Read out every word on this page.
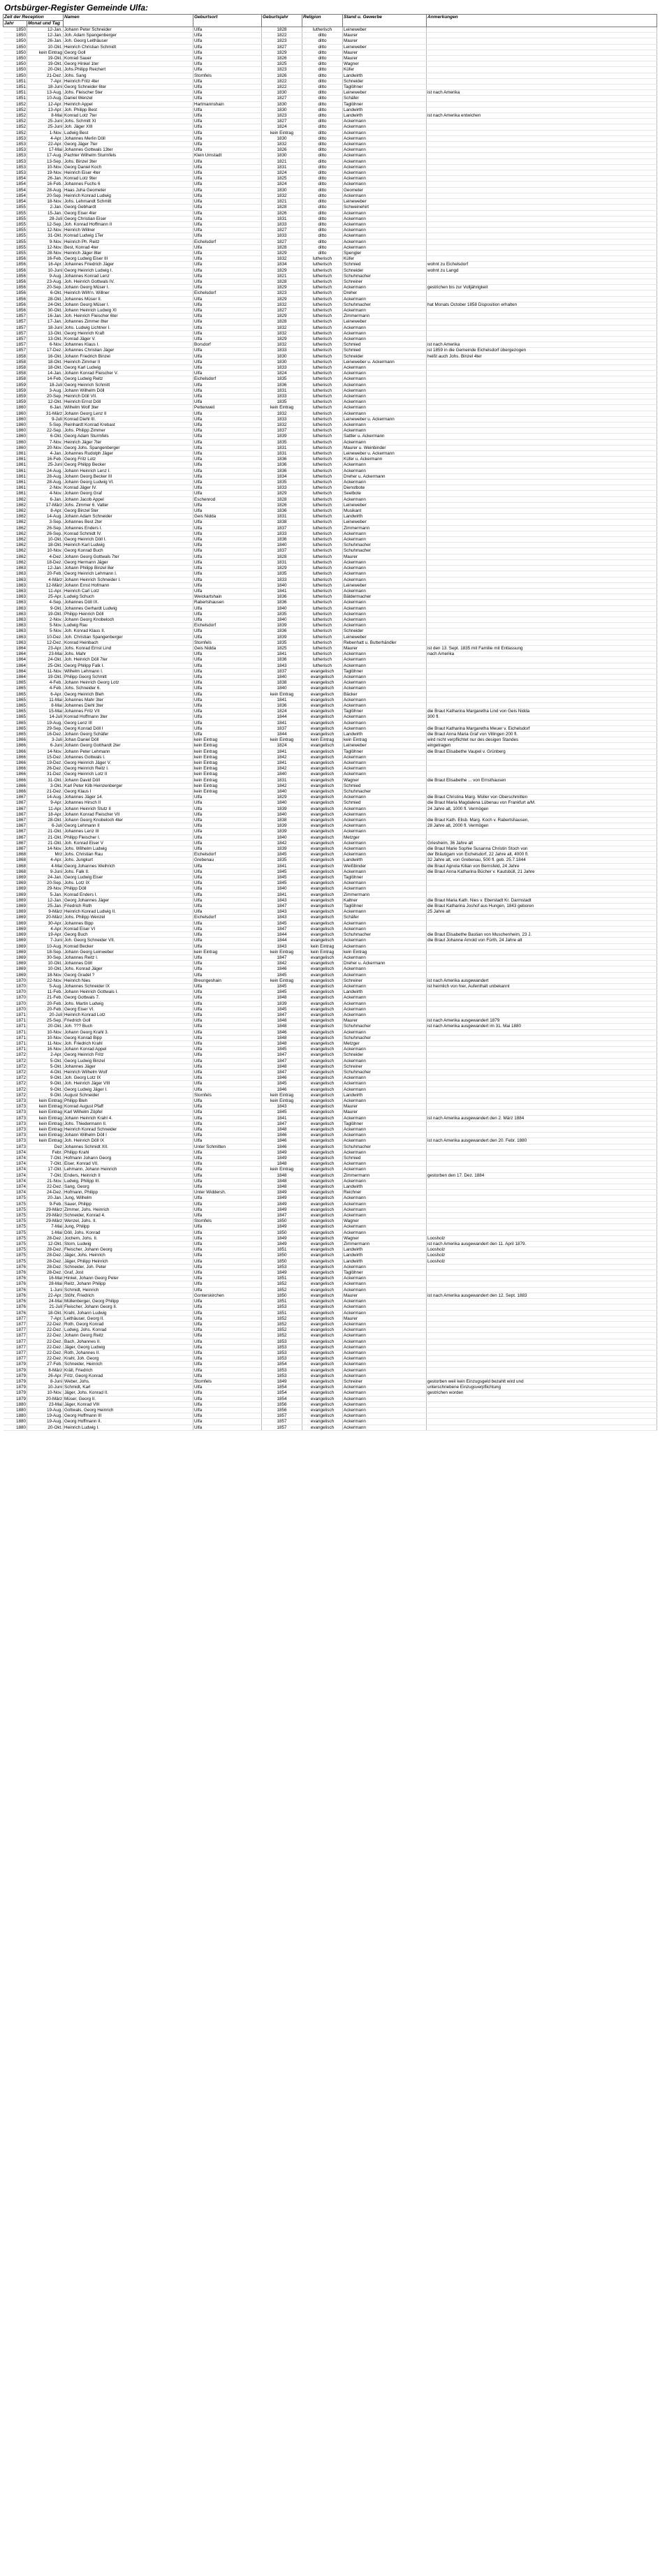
Ortsbürger-Register Gemeinde Ulfa:
Zeit der Reception		Namen	Geburtsort	Geburtsjahr	Religion	Stand u. Gewerbe	Anmerkungen
Jahr	Monat und Tag						
1850	12-Jan.	Johann Peter Schneider	Ulfa	1828	lutherisch	Leineweber	
1850	12-Jan.	Joh. Adam Spangenberger	Ulfa	1822	ditto	Maurer	
1850	26-Jan.	Joh. Georg Leithäuser	Ulfa	1823	ditto	Maurer	
1850	10-Okt.	Heinrich Christian Schmidt	Ulfa	1827	ditto	Leineweber	
1850	kein Eintrag	Georg Goll	Ulfa	1829	ditto	Maurer	
1850	19-Okt.	Konrad Sauer	Ulfa	1826	ditto	Maurer	
1850	19-Okt.	Georg Hinkel 1ter	Ulfa	1825	ditto	Wagner	
1850	20-Okt.	Johs.Philipp Reichert	Ulfa	1823	ditto	Küfer	
1850	21-Dez.	Johs. Sang	Stornfels	1826	ditto	Landwirth	
1851	7-Apr.	Heinrich Fritz 4ter	Ulfa	1822	ditto	Schneider	
1851	18-Juni	Georg Schneider 6ter	Ulfa	1822	ditto	Taglöhner	
1851	13-Aug.	Johs. Fleischer 5ter	Ulfa	1830	ditto	Leineweber	ist nach Amerika
1851	10-Aug.	Daniel Wenzel	Ulfa	1827	ditto	Schäfer	
1852	12-Apr.	Heinrich Appel	Hartmannshain	1830	ditto	Taglöhner	
1852	13-Apr.	Joh. Philipp Best	Ulfa	1830	ditto	Landwirth	
1852	8-Mai	Konrad Lotz 7ter	Ulfa	1823	ditto	Landwirth	ist nach Amerika entwichen
1852	25-Juni	Johs. Schmitt XI	Ulfa	1827	ditto	Ackermann	
1852	25-Juni	Joh. Jäger XIII	Ulfa	1824	ditto	Ackermann	
1852	1-Nov.	Ludwig Best	Ulfa	kein Eintrag	ditto	Ackermann	
1853	4-Apr.	Johannes Merlin Döll	Ulfa	1830	ditto	Ackermann	
1853	22-Apr.	Georg Jäger 7ter	Ulfa	1832	ditto	Ackermann	
1853	17-Mai	Johannes Gottwals 13ter	Ulfa	1826	ditto	Ackermann	
1853	17-Aug.	Pachter Wilhelm Sturmfels	Klein Umstadt	1830	ditto	Ackermann	
1853	13-Sep.	Johs. Binzel 3ter	Ulfa	1821	ditto	Ackermann	
1853	10-Nov.	Georg Daniel Koch	Ulfa	1831	ditto	Ackermann	
1853	19-Nov.	Heinrich Eiser 4ter	Ulfa	1824	ditto	Ackermann	
1854	26-Jan.	Konrad Lotz 9ter	Ulfa	1825	ditto	Ackermann	
1854	16-Feb.	Johannes Fuchs 6	Ulfa	1824	ditto	Ackermann	
1854	28-Aug.	Haas Juha Geometer	Ulfa	1830	ditto	Geometer	
1854	20-Sep.	Heinrich Konrad Ludwig	Ulfa	1832	ditto	Ackermann	
1854	18-Nov.	Johs. Lehmandt Schmitt	Ulfa	1821	ditto	Leineweber	
1855	2-Jan.	Georg Gebhardt	Ulfa	1828	ditto	Schweinehirt	
1855	15-Jan.	Georg Eiser 4ter	Ulfa	1826	ditto	Ackermann	
1855	28-Juli	Georg Christian Eiser	Ulfa	1831	ditto	Ackermann	
1855	12-Sep.	Joh. Konrad Hoffmann II	Ulfa	1833	ditto	Ackermann	
1855	12-Nov.	Heinrich Willner	Ulfa	1827	ditto	Ackermann	
1855	31-Okt.	Konrad Ludwig 1Ter	Ulfa	1833	ditto	Ackermann	
1855	9-Nov.	Heinrich Ph. Reitz	Eichelsdorf	1827	ditto	Ackermann	
1855	12-Nov.	Best, Konrad 4ter	Ulfa	1828	ditto	Ackermann	
1855	28-Nov.	Heinrich Jäger 8ter	Ulfa	1829	ditto	Spengler	
1856	16-Feb.	Georg Ludwig Eiser III	Ulfa	1832	lutherisch	Küfer	
1856	16-Apr.	Johannes Friedrich Jäger	Ulfa	1834	lutherisch	Schmied	wohnt zu Eichelsdorf
1856	10-Juni	Georg Heinrich Ludwig I.	Ulfa	1829	lutherisch	Schneider	wohnt zu Langd
1856	9-Aug.	Johannes Konrad Lenz	Ulfa	1821	lutherisch	Schuhmacher	
1856	23-Aug.	Joh. Heinrich Gottwals IV.	Ulfa	1828	lutherisch	Schreiner	
1856	20-Sep.	Johann Georg Müser I.	Ulfa	1829	lutherisch	Ackermann	gestrichen bis zur Volljährigkeit
1856	6-Okt.	Heinrich Wilh'n. Willner	Eichelsdorf	1823	lutherisch	Dreher	
1856	28-Okt.	Johannes Müser II.	Ulfa	1829	lutherisch	Ackermann	
1856	24-Okt.	Johann Georg Müser I.	Ulfa	1832	lutherisch	Schuhmacher	hat Monats October 1858 Disposition erhalten
1856	30-Okt.	Johann Heinrich Ludwig XI	Ulfa	1827	lutherisch	Ackermann	
1857	16-Jan.	Joh. Heinrich Fleischer 6ter	Ulfa	1829	lutherisch	Zimmermann	
1857	17-Jan.	Johannes Zimmer 8ter	Ulfa	1828	lutherisch	Leineweber	
1857	18-Juni	Johs. Ludwig Lichtner I.	Ulfa	1832	lutherisch	Ackermann	
1857	13-Okt.	Georg Heinrich Kraft	Ulfa	1832	lutherisch	Ackermann	
1857	13-Okt.	Konrad Jäger V.	Ulfa	1829	lutherisch	Ackermann	
1857	6-Nov.	Johannes Klaus I.	Borsdorf	1832	lutherisch	Schmied	ist nach Amerika
1857	17-Dez.	Johannes Christian Jäger	Ulfa	1833	lutherisch	Schmied	ist 1859 in die Gemeinde Eichelsdorf übergezogen
1858	16-Okt.	Johann Friedrich Binzel	Ulfa	1830	lutherisch	Schneider	heißt auch Johs. Binzel 4ter
1858	18-Okt.	Heinrich Zimmer II	Ulfa	1830	lutherisch	Leineweber u. Ackermann	
1858	18-Okt.	Georg Karl Ludwig	Ulfa	1833	lutherisch	Ackermann	
1858	14-Jan.	Johann Konrad Fleischer V.	Ulfa	1824	lutherisch	Ackermann	
1858	14-Feb.	Georg Ludwig Reitz	Eichelsdorf	1835	lutherisch	Ackermann	
1859	18-Juli	Georg Heinrich Schmitt	Ulfa	1836	lutherisch	Ackermann	
1859	3-Aug.	Johann Wilhelm Döll	Ulfa	1831	lutherisch	Ackermann	
1859	20-Sep.	Heinrich Döll VII.	Ulfa	1833	lutherisch	Ackermann	
1859	12-Okt.	Heinrich Ernst Döll	Ulfa	1835	lutherisch	Ackermann	
1860	6-Jan.	Wilhelm Wolf 3ter	Pettenweil	kein Eintrag	lutherisch	Ackermann	
1860	31-März	Johann Georg Lenz II	Ulfa	1832	lutherisch	Ackermann	
1860	9-Juli	Konrad Diehl III.	Ulfa	1833	lutherisch	Leineweber u. Ackermann	
1860	5-Sep.	Reinhardt Konrad Krebast	Ulfa	1832	lutherisch	Ackermann	
1860	22-Sep.	Johs. Philipp Zimmer	Ulfa	1837	lutherisch	Ackermann	
1860	6-Okt.	Georg Adam Sturmfels	Ulfa	1839	lutherisch	Sattler u. Ackermann	
1860	7-Nov.	Heinrich Jäger 7ter	Ulfa	1835	lutherisch	Ackermann	
1860	20-Nov.	Georg Johs. Spangenberger	Ulfa	1831	lutherisch	Maurer u. Weinbinder	
1861	4-Jan.	Johannes Rudolph Jäger	Ulfa	1831	lutherisch	Leineweber u. Ackermann	
1861	16-Feb.	Georg Fritz Lotz	Ulfa	1836	lutherisch	Küfer u. Ackermann	
1861	25-Juni	Georg Philipp Becker	Ulfa	1836	lutherisch	Ackermann	
1861	24-Aug.	Johann Heinrich Lenz I.	Ulfa	1836	lutherisch	Ackermann	
1861	28-Aug.	Johann Georg Becker III	Ulfa	1834	lutherisch	Dreher u. Ackermann	
1861	28-Aug.	Johann Georg Ludwig VI.	Ulfa	1835	lutherisch	Ackermann	
1861	2-Nov.	Konrad Jäger IV.	Ulfa	1833	lutherisch	Dienstbote	
1861	4-Nov.	Johann Georg Graf	Ulfa	1829	lutherisch	Seelbote	
1862	6-Jan.	Johann Jacob Appel	Eschenrod	1828	lutherisch	Ackermann	
1862	17-März	Johs. Zimmer 6. Vatter	Ulfa	1826	lutherisch	Leineweber	
1862	8-Apr.	Georg Binzel 5ter	Ulfa	1836	lutherisch	Musikant	
1862	14-Aug.	Johann Adam Schneider	Geis Nidda	1831	lutherisch	Landwirth	
1862	3-Sep.	Johannes Best 2ter	Ulfa	1838	lutherisch	Leineweber	
1862	26-Sep.	Johannes Enders I.	Ulfa	1837	lutherisch	Zimmermann	
1862	26-Sep.	Konrad Schmidt IV.	Ulfa	1833	lutherisch	Ackermann	
1862	10-Okt.	Georg Heinrich Döll I.	Ulfa	1836	lutherisch	Ackermann	
1862	18-Okt.	Heinrich Karl Ludwig	Ulfa	1840	lutherisch	Schuhmacher	
1862	10-Nov.	Georg Konrad Buch	Ulfa	1837	lutherisch	Schuhmacher	
1862	4-Dez.	Johann Georg Gottwals 7ter	Ulfa	1828	lutherisch	Maurer	
1862	18-Dez.	Georg Hermann Jäger	Ulfa	1831	lutherisch	Ackermann	
1863	12-Jan.	Johann Philipp Binzel 8er	Ulfa	1829	lutherisch	Ackermann	
1863	20-Feb.	Georg Heinrich Lehmann I.	Ulfa	1835	lutherisch	Ackermann	
1863	4-März	Johann Heinrich Schneider I.	Ulfa	1833	lutherisch	Ackermann	
1863	12-März	Johann Ernst Hofmann	Ulfa	1840	lutherisch	Leineweber	
1863	11-Apr.	Heinrich Carl Lotz	Ulfa	1841	lutherisch	Ackermann	
1863	25-Apr.	Ludwig Schuch	Weickartshain	1836	lutherisch	Bäldermacher	
1863	4-Sep.	Johannes Döll IX.	Rabertshausen	1836	lutherisch	Ackermann	
1863	9-Okt.	Johannes Gerhardt Ludwig	Ulfa	1840	lutherisch	Ackermann	
1863	19-Okt.	Philipp Heinrich Döll	Ulfa	1835	lutherisch	Ackermann	
1863	2-Nov.	Johann Georg Knobeloch	Ulfa	1840	lutherisch	Ackermann	
1863	5-Nov.	Ludwig Rau	Eichelsdorf	1839	lutherisch	Ackermann	
1863	5-Nov.	Joh. Konrad Klaus II.	Ulfa	1836	lutherisch	Schneider	
1863	10-Dez.	Joh. Christian Spangenberger	Ulfa	1839	lutherisch	Leineweber	
1863	12-Dez.	Konrad Heinbach	Stornfels	1835	lutherisch	Rebenhatt u. Butterhändler	
1864	23-Apr.	Johs. Konrad Ernst Lind	Geis Nidda	1825	lutherisch	Maurer	ist den 13. Sept. 1835 mit Familie mit Entlassung
1864	23-Mai	Johs. Mahr	Ulfa	1841	lutherisch	Ackermann	nach Amerika
1864	24-Okt.	Joh. Heinrich Döll 7ter	Ulfa	1836	lutherisch	Ackermann	
1864	25-Okt.	Georg Philipp Falk I.	Ulfa	1843	lutherisch	Ackermann	
1864	11-Nov.	Wilhelm Lehmann I.	Ulfa	1837	evangelisch	Taglöhner	
1864	19-Okt.	Philipp Georg Schmitt	Ulfa	1840	evangelisch	Ackermann	
1865	4-Feb.	Johann Heinrich Georg Lotz	Ulfa	1838	evangelisch	Ackermann	
1865	4-Feb.	Johs. Schneider 6.	Ulfa	1840	evangelisch	Ackermann	
1865	6-Apr.	Georg Heinrich Bleh	Ulfa	kein Eintrag	evangelisch	Bäcker	
1865	11-Mai	Johannes Mahr 3ter	Ulfa	1841	evangelisch	Ackermann	
1865	8-Mai	Johannes Diehl 3ter	Ulfa	1836	evangelisch	Ackermann	
1865	15-Mai	Johannes Fritz VII	Ulfa	1824	evangelisch	Taglöhner	die Braut Katharina Margaretha Lind von Geis Nidda
1865	14-Juli	Konrad Hoffmann 3ter	Ulfa	1844	evangelisch	Ackermann	300 fl.
1865	19-Aug.	Georg Lenz III	Ulfa	1841	evangelisch	Ackermann	
1865	29-Sep.	Georg Konrad Döll I	Ulfa	1837	evangelisch	Ackermann	die Braut Katharina Margaretha Meuer v. Eichelsdorf
1865	16-Dez.	Johann Georg Schäfer	Ulfa	1844	evangelisch	Landwirth	die Braut Anna Maria Graf von Villingen 200 fl.
1866	3-Juli	Johan Daniel Döll	kein Eintrag	kein Eintrag	kein Eintrag	kein Eintrag	wird nicht verpflichtet nur des desigen Standes
1866	6-Juni	Johann Georg Gotthardt 2ter	kein Eintrag	1824	evangelisch	Leineweber	eingetragen
1866	14-Nov.	Johann Peter Lehmann	kein Eintrag	1841	evangelisch	Taglöhner	die Braut Elisabethe Vaupel v. Grünberg
1866	15-Dez.	Johannes Gottwals I.	kein Eintrag	1842	evangelisch	Ackermann	
1866	19-Dez.	Georg Heinrich Jäger V.	kein Eintrag	1841	evangelisch	Ackermann	
1866	26-Dez.	Georg Heinrich Reitz I.	kein Eintrag	1842	evangelisch	Ackermann	
1866	31-Dez.	Georg Heinrich Lotz II	kein Eintrag	1840	evangelisch	Ackermann	
1866	31-Okt.	Johann David Döll	kein Eintrag	1831	evangelisch	Wagner	die Braut Elisabethe ... von Ernsthausen
1866	3-Okt.	Karl Peter Kilb Heinzenberger	kein Eintrag	1842	evangelisch	Schmied	
1866	21-Dez.	Georg Klaus I	kein Eintrag	1840	evangelisch	Schuhmacher	
1867	14-Aug.	Johannes Jäger 14.	Ulfa	1829	evangelisch	Ackermann	die Braut Christina Marg. Müller von Oberschmitten
1867	9-Apr.	Johannes Hirsch II	Ulfa	1840	evangelisch	Schmied	die Braut Maria Magdalena Lübenau von Frankfurt a/M.
1867	11-Apr.	Johann Heinrich Stutz II	Ulfa	1839	evangelisch	Ackermann	24 Jahre alt, 1000 fl. Vermögen
1867	18-Apr.	Johann Konrad Fleischer VII	Ulfa	1840	evangelisch	Ackermann	
1867	28-Okt.	Johann Georg Knobeloch 4ter	Ulfa	1838	evangelisch	Ackermann	die Braut Kath. Elisb. Marg. Koch v. Rabertshausen,
1867	6-Juli	Georg Lehmann II	Ulfa	1839	evangelisch	Ackermann	28 Jahre alt, 2000 fl. Vermögen
1867	21-Okt.	Johannes Lenz III	Ulfa	1839	evangelisch	Ackermann	
1867	21-Okt.	Philipp Fleischer I.	Ulfa	1840	evangelisch	Metzger	
1867	21-Okt.	Joh. Konrad Eiser V	Ulfa	1842	evangelisch	Ackermann	Griesheim, 36 Jahre alt
1867	14-Nov.	Johs. Wilhelm Ludwig	Ulfa	1839	evangelisch	Ackermann	die Braut Marie Sophie Susanna Christin Stoch von
1868	Mrz	Johs. Christian Rau	Eichelsdorf	1845	evangelisch	Ackermann	der Bräutigam von Eichelsdorf, 22 Jahre alt, 4000 fl.
1868	4-Apr.	Johs. Jungkurt	Grebenau	1835	evangelisch	Landwirth	32 Jahre alt, von Grebenau, 500 fl. geb. 25.7.1844
1868	4-Mai	Georg Johannes Weihrich	Ulfa	1841	evangelisch	Weißbinder	die Braut Agnola Kilian von Bernsfeld, 24 Jahre
1868	9-Juni	Johs. Falk II.	Ulfa	1845	evangelisch	Ackermann	die Braut Anna Katharina Bücher v. Kautsbüll, 21 Jahre
1869	24-Jan.	Georg Ludwig Eiser	Ulfa	1845	evangelisch	Taglöhner	
1869	20-Sep.	Johs. Lotz IX	Ulfa	1845	evangelisch	Ackermann	
1869	29-Nov.	Philipp Döll	Ulfa	1840	evangelisch	Ackermann	
1869	5-Jan.	Konrad Enders I.	Ulfa	1841	evangelisch	Zimmermann	
1869	12-Jan.	Georg Johannes Jäger	Ulfa	1843	evangelisch	Kaltner	die Braut Maria Kath. Nies v. Eberstadt Kr. Darmstadt
1869	25-Jan.	Friedrich Roth	Ulfa	1847	evangelisch	Taglöhner	die Braut Katharina Joshof aus Hungen, 1843 geboren
1869	9-März	Heinrich Konrad Ludwig II.	Ulfa	1843	evangelisch	Ackermann	25 Jahre alt
1869	20-März	Johs. Philipp Wenzel	Eichelsdorf	1843	evangelisch	Schäfer	
1869	30-Apr.	Johannes Bipp	Ulfa	1845	evangelisch	Ackermann	
1869	4-Apr.	Konrad Eiser VI	Ulfa	1847	evangelisch	Ackermann	
1869	19-Apr.	Georg Buch	Ulfa	1844	evangelisch	Schuhmacher	die Braut Elisabethe Bastian von Muschenheim, 23 J.
1869	7-Juni	Joh. Georg Schneider VII.	Ulfa	1844	evangelisch	Ackermann	die Braut Johanne Arnold von Fürth, 24 Jahre alt
1869	10-Aug.	Konrad Becker	Ulfa	1843	kein Eintrag	Ackermann	
1869	18-Sep.	Johann Georg Leinweber	kein Eintrag	kein Eintrag	kein Eintrag	kein Eintrag	
1869	30-Sep.	Johannes Reitz I.	Ulfa	1847	evangelisch	Ackermann	
1869	10-Okt.	Johannes Döll	Ulfa	1842	evangelisch	Dreher u. Ackermann	
1869	10-Okt.	Johs. Konrad Jäger	Ulfa	1846	evangelisch	Ackermann	
1869	18-Nov.	Georg Gradel ?	Ulfa	1845	evangelisch	Ackermann	
1870	22-Nov.	Heinrich Nies	Breungeshain	kein Eintrag	evangelisch	Schreiner	ist nach Amerika ausgewandert
1870	5-Aug.	Johannes Schneider IX	Ulfa	1845	evangelisch	Ackermann	ist heimlich von hier, Aufenthalt unbekannt
1870	11-Feb.	Johann Heinrich Gottwals I.	Ulfa	1845	evangelisch	Landwirth	
1870	21-Feb.	Georg Gottwals 7.	Ulfa	1848	evangelisch	Ackermann	
1870	20-Feb.	Johs. Martin Ludwig	Ulfa	1839	evangelisch	Ackermann	
1870	20-Feb.	Georg Eiser VI.	Ulfa	1845	evangelisch	Ackermann	
1871	20-Juli	Heinrich Konrad Lotz	Ulfa	1847	evangelisch	Ackermann	
1871	25-Sep.	Friedrich Goll	Ulfa	1848	evangelisch	Maurer	ist nach Amerika ausgewandert 1879
1871	20-Okt.	Joh. ??? Buch	Ulfa	1848	evangelisch	Schuhmacher	ist nach Amerika ausgewandert im 31. Mai 1880
1871	10-Nov.	Johann Georg Krahl 3.	Ulfa	1846	evangelisch	Ackermann	
1871	10-Nov.	Georg Konrad Bipp	Ulfa	1848	evangelisch	Schuhmacher	
1871	11-Nov.	Joh. Friedrich Krahl	Ulfa	1848	evangelisch	Metzger	
1871	16-Nov.	Johann Konrad Appel	Ulfa	1845	evangelisch	Ackermann	
1872	2-Apr.	Georg Heinrich Fritz	Ulfa	1847	evangelisch	Schneider	
1872	5-Okt.	Georg Ludwig Binzel	Ulfa	1847	evangelisch	Ackermann	
1872	5-Okt.	Johannes Jäger	Ulfa	1848	evangelisch	Schreiner	
1872	4-Okt.	Heinrich Wilhelm Wolf	Ulfa	1847	evangelisch	Schuhmacher	
1872	9-Okt.	Joh. Georg Lotz IX	Ulfa	1846	evangelisch	Ackermann	
1872	9-Okt.	Joh. Heinrich Jäger VIII	Ulfa	1845	evangelisch	Ackermann	
1872	9-Okt.	Georg Ludwig Jäger I.	Ulfa	1846	evangelisch	Ackermann	
1872	9-Okt.	August Schneider	Stornfels	kein Eintrag	evangelisch	Landwirth	
1873	kein Eintrag	Philipp Bleh	Ulfa	kein Eintrag	evangelisch	Ackermann	
1873	kein Eintrag	Konrad August Pfaff	Ulfa	1843	evangelisch	Maurer	
1873	kein Eintrag	Karl Wilhelm Zöpfel	Ulfa	1845	evangelisch	Maurer	
1873	kein Eintrag	Johann Heinrich Krahl 4.	Ulfa	1841	evangelisch	Ackermann	ist nach Amerika ausgewandert den 2. März 1884
1873	kein Eintrag	Johs. Thiedermann II.	Ulfa	1847	evangelisch	Taglöhner	
1873	kein Eintrag	Heinrich Konrad Schneider	Ulfa	1848	evangelisch	Ackermann	
1873	kein Eintrag	Johann Wilhelm Döll I	Ulfa	1846	evangelisch	Ackermann	
1873	kein Eintrag	Joh. Heinrich Döll IX	Ulfa	1846	evangelisch	Ackermann	ist nach Amerika ausgewandert den 20. Febr. 1880
1873	Dez	Johannes Schmidt XII.	Unter Schmitten	1846	evangelisch	Schuhmacher	
1874	Febr.	Philipp Krahl	Ulfa	1849	evangelisch	Ackermann	
1874	7-Okt.	Hofmann Johann Georg	Ulfa	1849	evangelisch	Schmied	
1874	7-Okt.	Eiser, Konrad VII.	Ulfa	1848	evangelisch	Ackermann	
1874	17-Okt.	Lehmann, Johann Heinrich	Ulfa	kein Eintrag	evangelisch	Ackermann	
1874	7-Okt.	Enders, Heinrich II	Ulfa	1848	evangelisch	Zimmermann	gestorben den 17. Dez. 1884
1874	21-Nov.	Ludwig, Philipp III.	Ulfa	1848	evangelisch	Ackermann	
1874	22-Dez.	Sang, Georg	Ulfa	1848	evangelisch	Landwirth	
1874	24-Dez.	Hofmann, Philipp	Unter Widdersh.	1849	evangelisch	Reichner	
1875	20-Jan.	Jung, Wilhelm	Ulfa	1849	evangelisch	Ackermann	
1875	9-Feb.	Sauer, Philipp	Ulfa	1849	evangelisch	Ackermann	
1875	29-März	Zimmer, Johs. Heinrich	Ulfa	1849	evangelisch	Ackermann	
1875	29-März	Schneider, Konrad 4.	Ulfa	1847	evangelisch	Ackermann	
1875	29-März	Wenzel, Johs. II.	Stornfels	1850	evangelisch	Wagner	
1875	7-Mai	Jung, Philipp	Ulfa	1849	evangelisch	Ackermann	
1875	1-Mai	Döll, Johs. Konrad	Ulfa	1850	evangelisch	Ackermann	
1875	28-Dez.	Jochem, Johs. II.	Ulfa	1849	evangelisch	Wagner	Loosholz
1875	12-Okt.	Storn, Ludwig	Ulfa	1849	evangelisch	Zimmermann	ist nach Amerika ausgewandert den 11. April 1879.
1875	28-Dez.	Fleischer, Johann Georg	Ulfa	1851	evangelisch	Landwirth	Loosholz
1875	28-Dez.	Jäger, Johs. Heinrich	Ulfa	1850	evangelisch	Landwirth	Loosholz
1875	28-Dez.	Jäger, Philipp Heinrich	Ulfa	1850	evangelisch	Landwirth	Loosholz
1876	28-Dez.	Schneider, Joh. Peter	Ulfa	1853	evangelisch	Ackermann	
1876	28-Dez.	Graf, Jost	Ulfa	1849	evangelisch	Taglöhner	
1876	16-Mai	Hinkel, Johann Georg Peter	Ulfa	1851	evangelisch	Ackermann	
1876	28-Mai	Reitz, Johann Philipp	Ulfa	1852	evangelisch	Ackermann	
1876	1-Juni	Schmidt, Heinrich	Ulfa	1852	evangelisch	Ackermann	
1876	22-Apr.	Stöhr, Friedrich	Gonterskirchen	1850	evangelisch	Maurer	ist nach Amerika ausgewandert den 12. Sept. 1883
1876	24-Mai	Müllenberger, Georg Philipp	Ulfa	1851	evangelisch	Ackermann	
1876	21-Juli	Fleischer, Johann Georg II.	Ulfa	1853	evangelisch	Ackermann	
1876	18-Okt.	Krahl, Johann Ludwig	Ulfa	1851	evangelisch	Ackermann	
1877	7-Apr.	Leithäuser, Georg II.	Ulfa	1852	evangelisch	Maurer	
1877	22-Dez.	Roth, Georg Konrad	Ulfa	1852	evangelisch	Ackermann	
1877	22-Dez.	Ludwig, Johs. Konrad	Ulfa	1852	evangelisch	Ackermann	
1877	22-Dez.	Johann Georg Reitz	Ulfa	1852	evangelisch	Ackermann	
1877	22-Dez.	Bach, Johannes II.	Ulfa	1853	evangelisch	Ackermann	
1877	22-Dez.	Jäger, Georg Ludwig	Ulfa	1853	evangelisch	Ackermann	
1877	22-Dez.	Roth, Johannes II.	Ulfa	1853	evangelisch	Ackermann	
1877	22-Dez.	Krahl, Joh. Georg	Ulfa	1853	evangelisch	Ackermann	
1879	27-Feb.	Schneider, Heinrich	Ulfa	1854	evangelisch	Ackermann	
1879	8-März	Kräll, Friedrich	Ulfa	1853	evangelisch	Ackermann	
1879	26-Apr.	Fritz, Georg Konrad	Ulfa	1853	evangelisch	Ackermann	
1879	8-Juni	Weber, Johs.	Stornfels	1849	evangelisch	Schreiner	gestorben weil kein Einzugsgeld bezahlt wird und
1879	10-Juni	Schmidt, Karl	Ulfa	1854	evangelisch	Ackermann	unterschriebene Einzugsverpflichtung
1879	10-Nov.	Jäger, Johs. Konrad II.	Ulfa	1854	evangelisch	Ackermann	gestrichen worden
1879	20-März	Müser, Georg II.	Ulfa	1854	evangelisch	Ackermann	
1880	23-Mai	Jäger, Konrad VIII	Ulfa	1856	evangelisch	Ackermann	
1880	19-Aug.	Gottwals, Georg Heinrich	Ulfa	1856	evangelisch	Ackermann	
1880	19-Aug.	Georg Hoffmann III	Ulfa	1857	evangelisch	Ackermann	
1880	19-Aug.	Georg Hoffmann II.	Ulfa	1857	evangelisch	Ackermann	
1880	20-Okt.	Heinrich Ludwig I.	Ulfa	1857	evangelisch	Ackermann	
